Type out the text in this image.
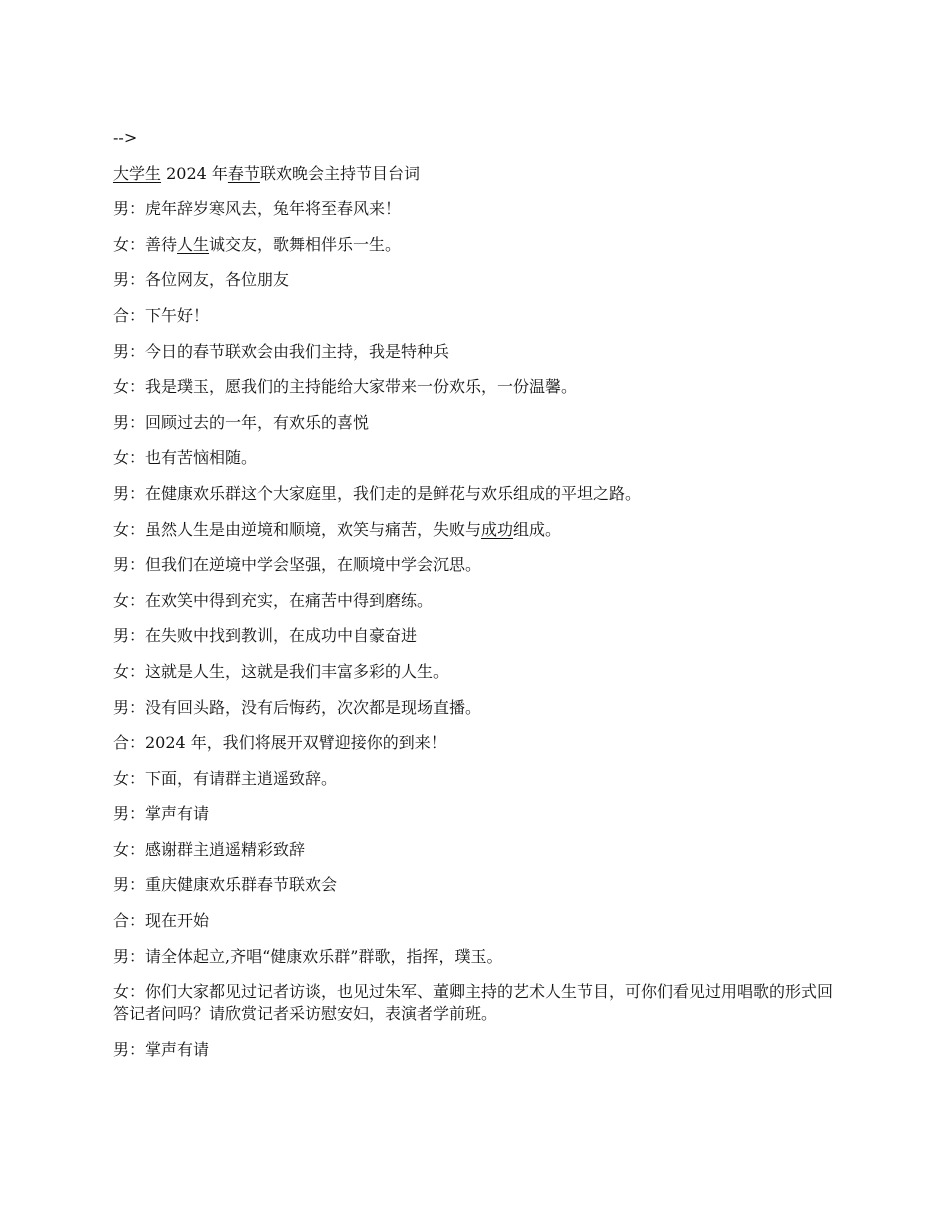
-->
大学生 2024 年春节联欢晚会主持节目台词
男：虎年辞岁寒风去，兔年将至春风来！
女：善待人生诚交友，歌舞相伴乐一生。
男：各位网友，各位朋友
合：下午好！
男：今日的春节联欢会由我们主持，我是特种兵
女：我是璞玉，愿我们的主持能给大家带来一份欢乐，一份温馨。
男：回顾过去的一年，有欢乐的喜悦
女：也有苦恼相随。
男：在健康欢乐群这个大家庭里，我们走的是鲜花与欢乐组成的平坦之路。
女：虽然人生是由逆境和顺境，欢笑与痛苦，失败与成功组成。
男：但我们在逆境中学会坚强，在顺境中学会沉思。
女：在欢笑中得到充实，在痛苦中得到磨练。
男：在失败中找到教训，在成功中自豪奋进
女：这就是人生，这就是我们丰富多彩的人生。
男：没有回头路，没有后悔药，次次都是现场直播。
合：2024 年，我们将展开双臂迎接你的到来！
女：下面，有请群主逍遥致辞。
男：掌声有请
女：感谢群主逍遥精彩致辞
男：重庆健康欢乐群春节联欢会
合：现在开始
男：请全体起立,齐唱“健康欢乐群”群歌，指挥，璞玉。
女：你们大家都见过记者访谈，也见过朱军、董卿主持的艺术人生节目，可你们看见过用唱歌的形式回答记者问吗？请欣赏记者采访慰安妇，表演者学前班。
男：掌声有请
